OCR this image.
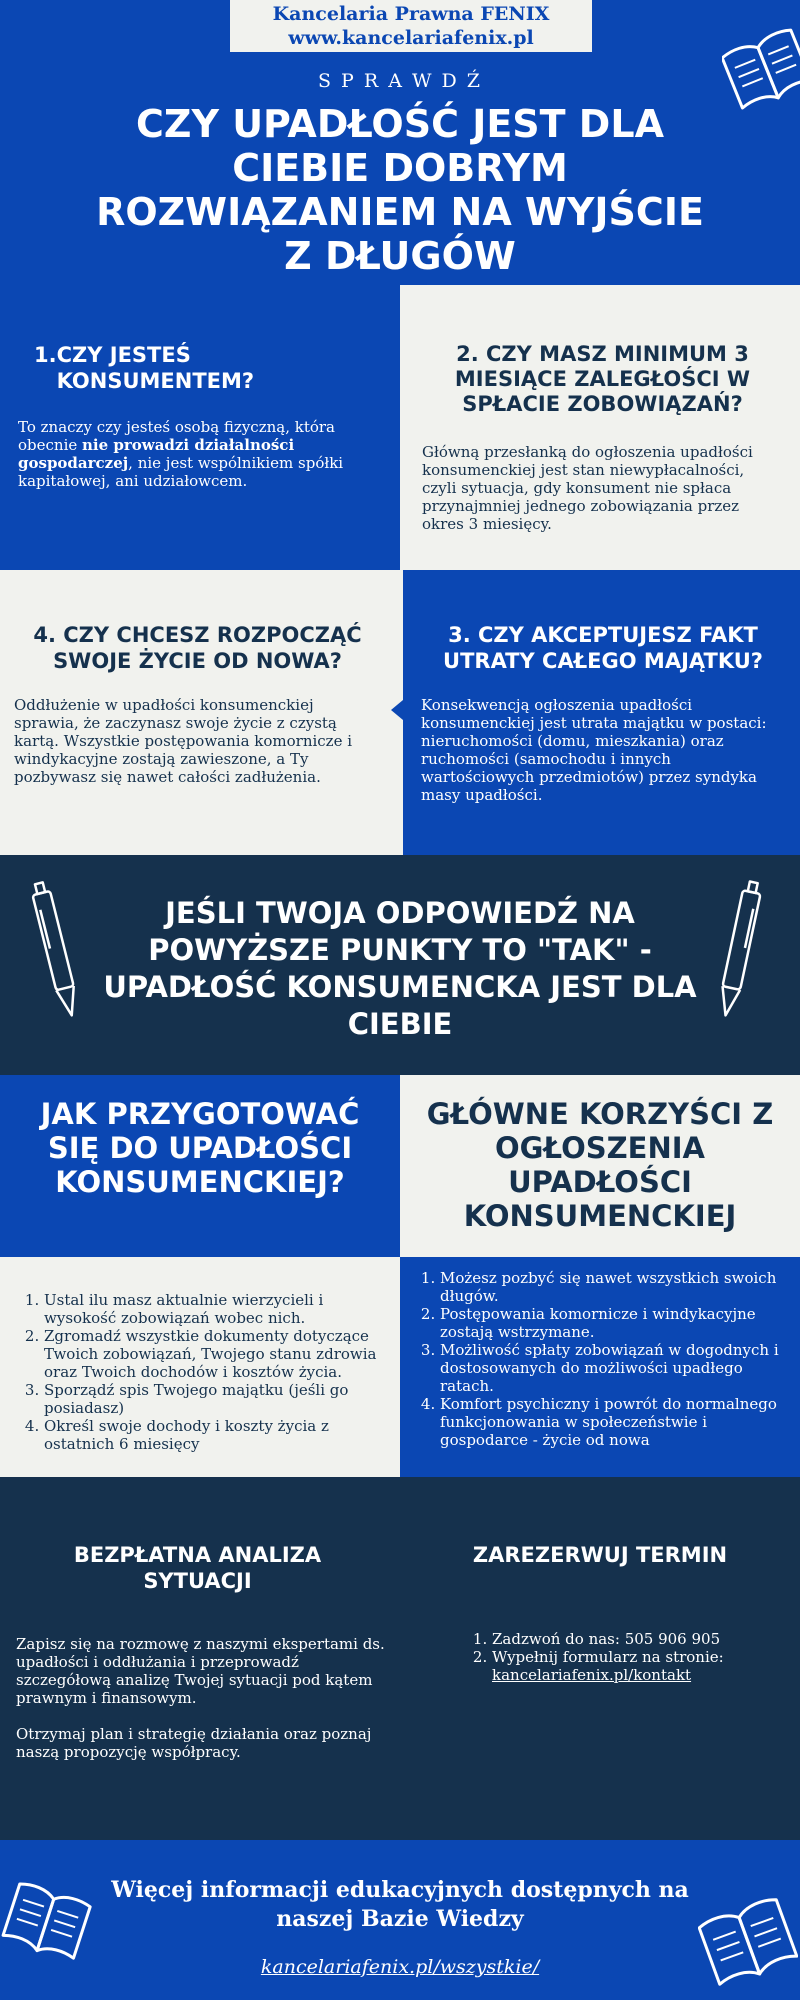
Kancelaria Prawna FENIX
www.kancelariafenix.pl
S P R A W D Ź
CZY UPADŁOŚĆ JEST DLA CIEBIE DOBRYM ROZWIĄZANIEM NA WYJŚCIE Z DŁUGÓW
1. CZY JESTEŚ KONSUMENTEM?
To znaczy czy jesteś osobą fizyczną, która obecnie nie prowadzi działalności gospodarczej, nie jest wspólnikiem spółki kapitałowej, ani udziałowcem.
2. CZY MASZ MINIMUM 3 MIESIĄCE ZALEGŁOŚCI W SPŁACIE ZOBOWIĄZAŃ?
Główną przesłanką do ogłoszenia upadłości konsumenckiej jest stan niewypłacalności, czyli sytuacja, gdy konsument nie spłaca przynajmniej jednego zobowiązania przez okres 3 miesięcy.
4. CZY CHCESZ ROZPOCZĄĆ SWOJE ŻYCIE OD NOWA?
Oddłużenie w upadłości konsumenckiej sprawia, że zaczynasz swoje życie z czystą kartą. Wszystkie postępowania komornicze i windykacyjne zostają zawieszone, a Ty pozbywasz się nawet całości zadłużenia.
3. CZY AKCEPTUJESZ FAKT UTRATY CAŁEGO MAJĄTKU?
Konsekwencją ogłoszenia upadłości konsumenckiej jest utrata majątku w postaci: nieruchomości (domu, mieszkania) oraz ruchomości (samochodu i innych wartościowych przedmiotów) przez syndyka masy upadłości.
JEŚLI TWOJA ODPOWIEDŹ NA POWYŻSZE PUNKTY TO "TAK" - UPADŁOŚĆ KONSUMENCKA JEST DLA CIEBIE
JAK PRZYGOTOWAĆ SIĘ DO UPADŁOŚCI KONSUMENCKIEJ?
1. Ustal ilu masz aktualnie wierzycieli i wysokość zobowiązań wobec nich.
2. Zgromadź wszystkie dokumenty dotyczące Twoich zobowiązań, Twojego stanu zdrowia oraz Twoich dochodów i kosztów życia.
3. Sporządź spis Twojego majątku (jeśli go posiadasz)
4. Określ swoje dochody i koszty życia z ostatnich 6 miesięcy
GŁÓWNE KORZYŚCI Z OGŁOSZENIA UPADŁOŚCI KONSUMENCKIEJ
1. Możesz pozbyć się nawet wszystkich swoich długów.
2. Postępowania komornicze i windykacyjne zostają wstrzymane.
3. Możliwość spłaty zobowiązań w dogodnych i dostosowanych do możliwości upadłego ratach.
4. Komfort psychiczny i powrót do normalnego funkcjonowania w społeczeństwie i gospodarce - życie od nowa
BEZPŁATNA ANALIZA SYTUACJI
Zapisz się na rozmowę z naszymi ekspertami ds. upadłości i oddłużania i przeprowadź szczegółową analizę Twojej sytuacji pod kątem prawnym i finansowym.
Otrzymaj plan i strategię działania oraz poznaj naszą propozycję współpracy.
ZAREZERWUJ TERMIN
1. Zadzwoń do nas: 505 906 905
2. Wypełnij formularz na stronie:
kancelariafenix.pl/kontakt
Więcej informacji edukacyjnych dostępnych na naszej Bazie Wiedzy
kancelariafenix.pl/wszystkie/
